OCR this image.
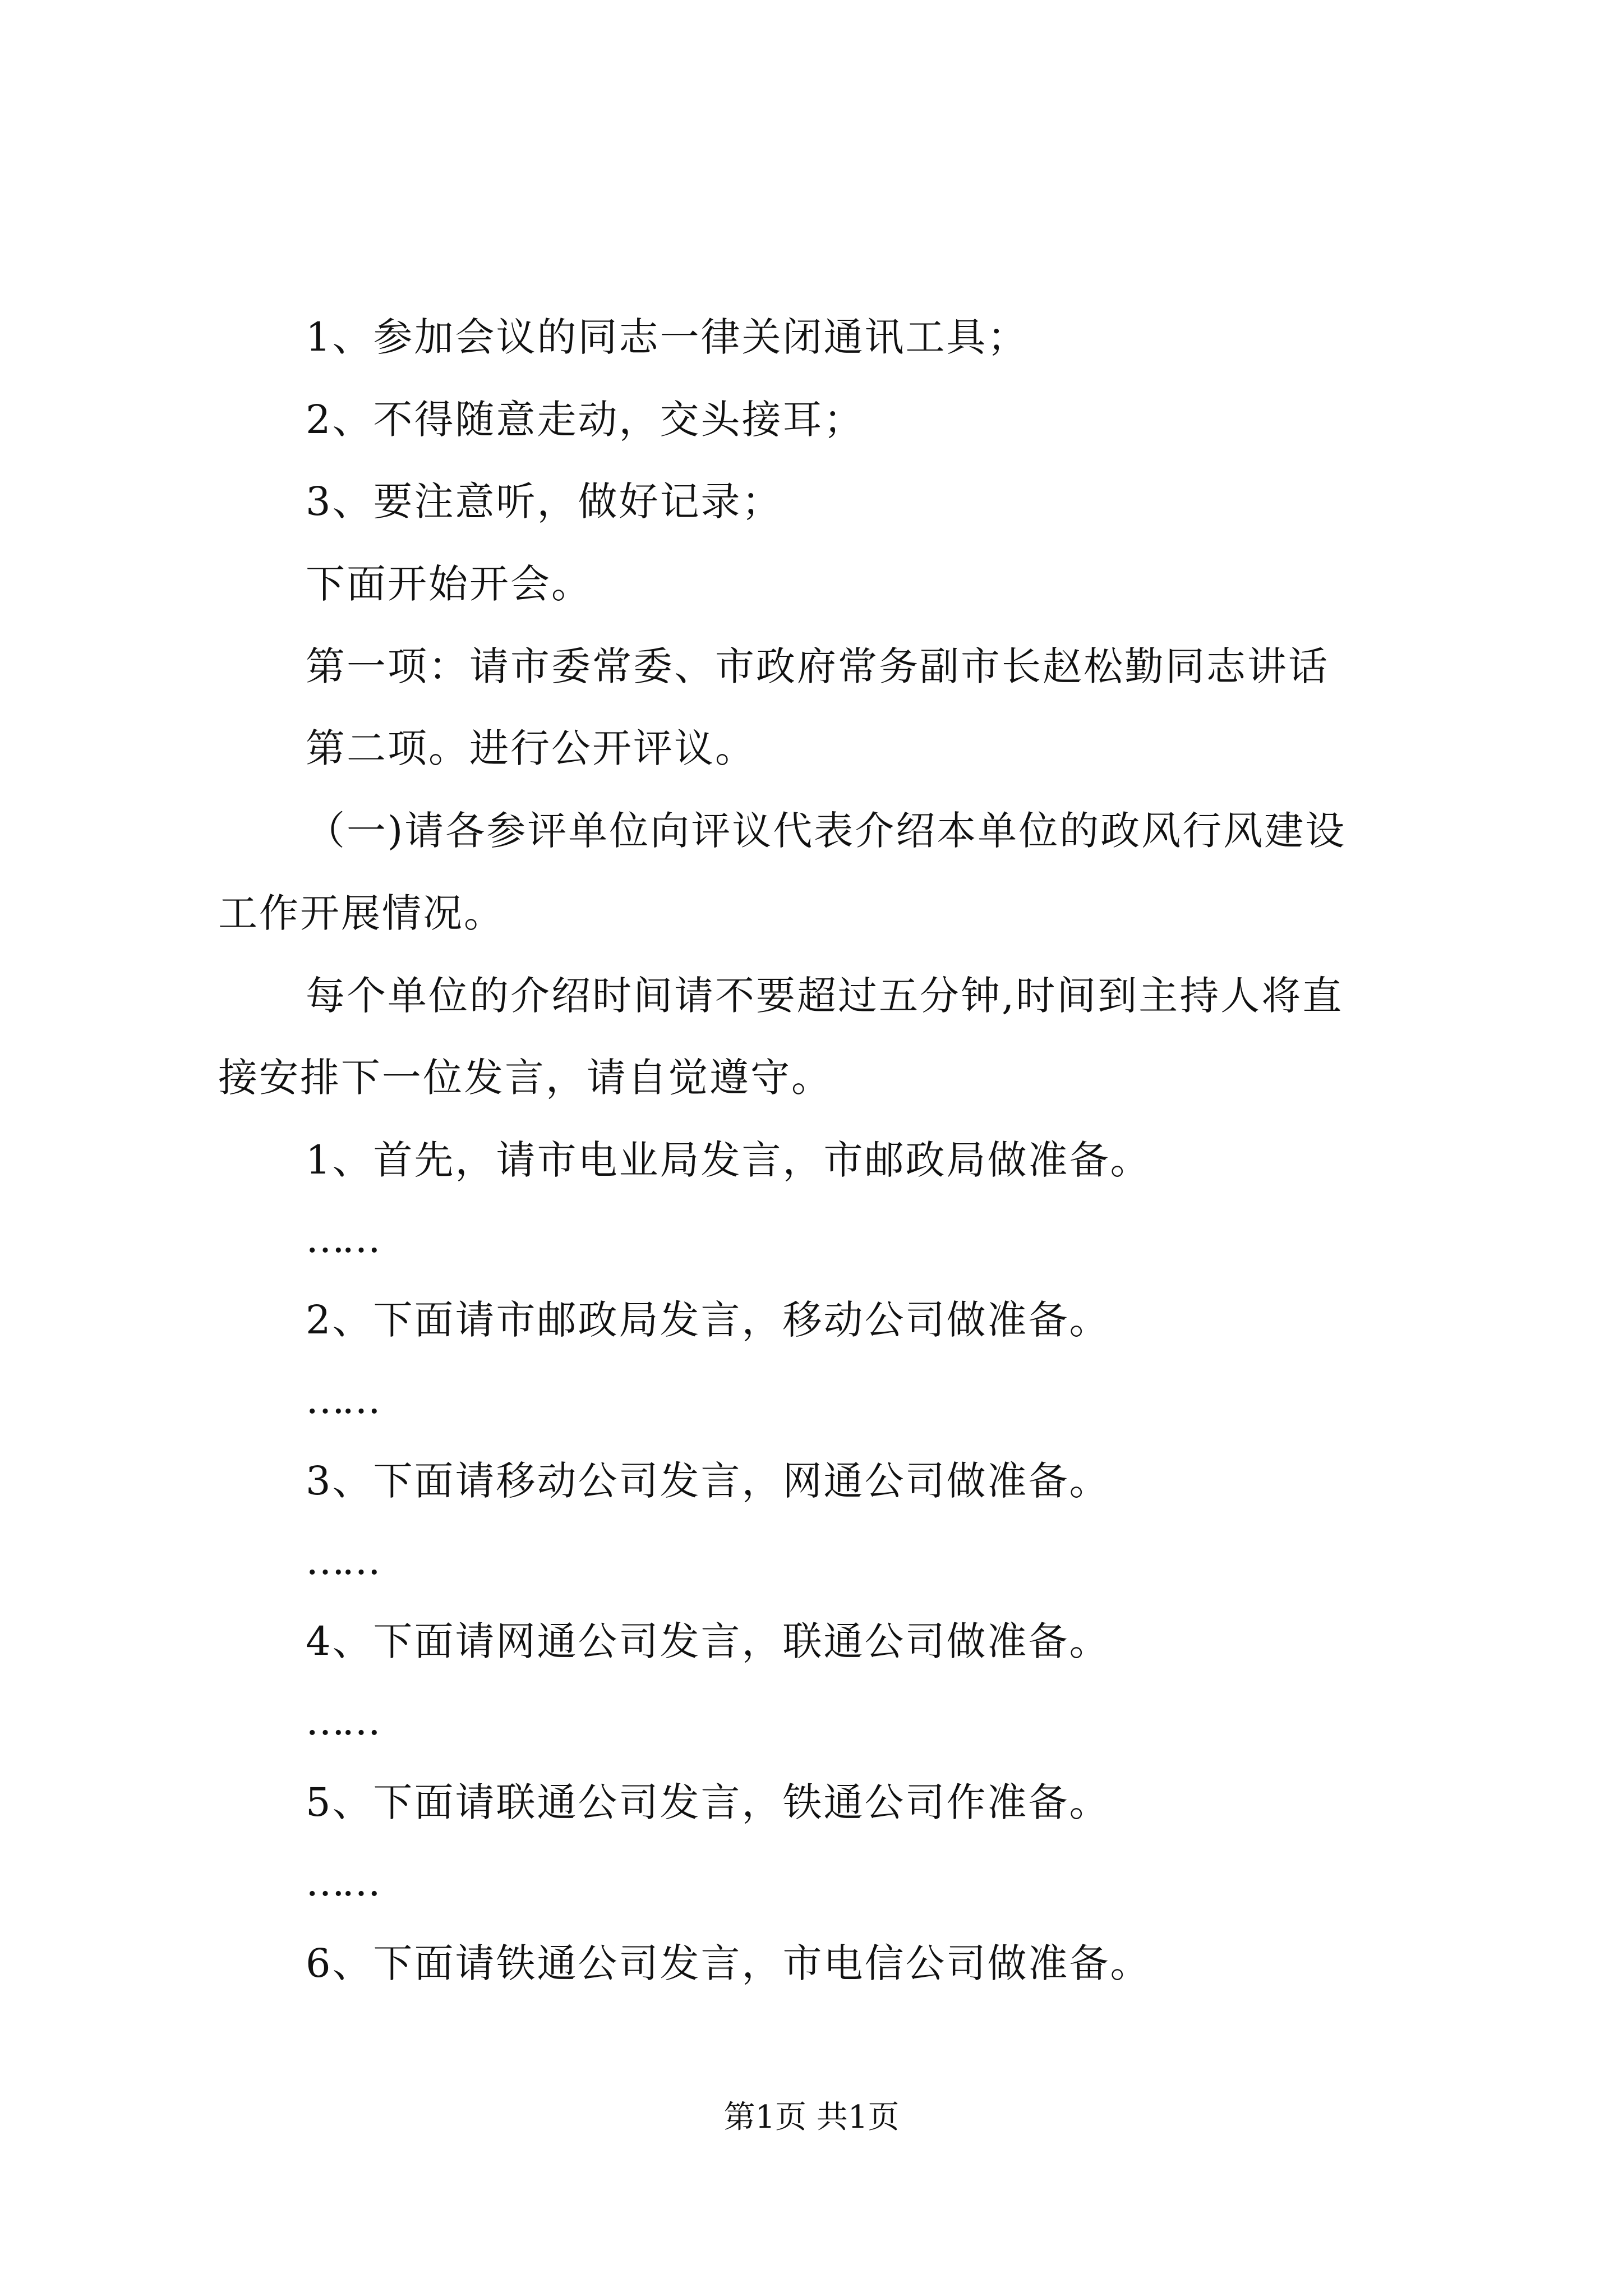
1、参加会议的同志一律关闭通讯工具；
2、不得随意走动，交头接耳；
3、要注意听，做好记录；
下面开始开会。
第一项：请市委常委、市政府常务副市长赵松勤同志讲话
第二项。进行公开评议。
（一)请各参评单位向评议代表介绍本单位的政风行风建设
工作开展情况。
每个单位的介绍时间请不要超过五分钟,时间到主持人将直
接安排下一位发言，请自觉遵守。
1、首先，请市电业局发言，市邮政局做准备。
……
2、下面请市邮政局发言，移动公司做准备。
……
3、下面请移动公司发言，网通公司做准备。
……
4、下面请网通公司发言，联通公司做准备。
……
5、下面请联通公司发言，铁通公司作准备。
……
6、下面请铁通公司发言，市电信公司做准备。
第1页 共1页
